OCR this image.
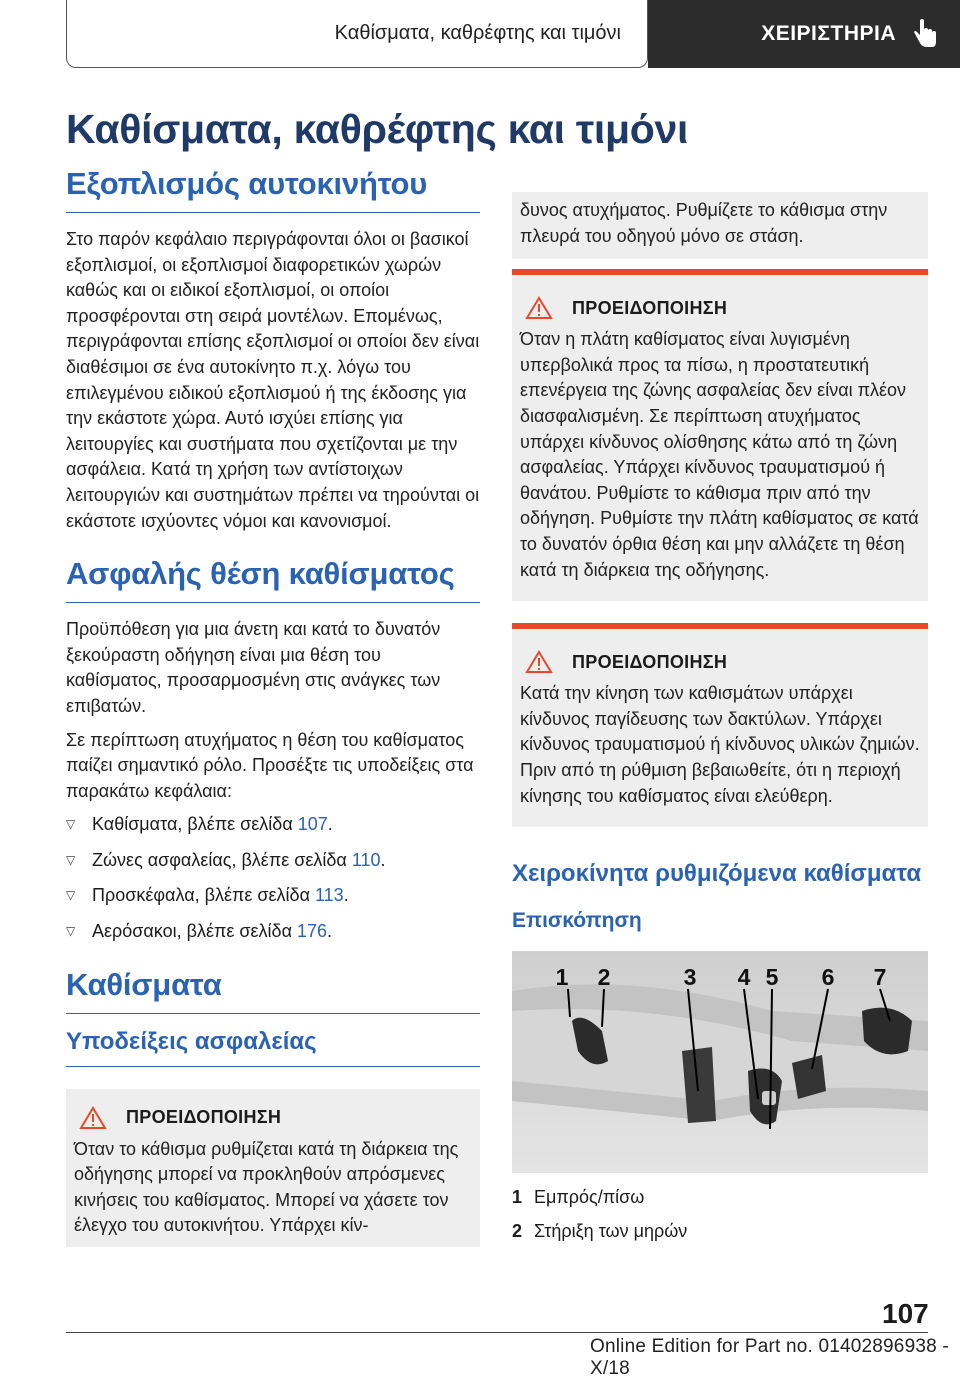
Καθίσματα, καθρέφτης και τιμόνι	ΧΕΙΡΙΣΤΗΡΙΑ
Καθίσματα, καθρέφτης και τιμόνι
Εξοπλισμός αυτοκινήτου

Στο παρόν κεφάλαιο περιγράφονται όλοι οι βασικοί εξοπλισμοί, οι εξοπλισμοί διαφορετικών χωρών καθώς και οι ειδικοί εξοπλισμοί, οι οποίοι προσφέρονται στη σειρά μοντέλων. Επομένως, περιγράφονται επίσης εξοπλισμοί οι οποίοι δεν είναι διαθέσιμοι σε ένα αυτοκίνητο π.χ. λόγω του επιλεγμένου ειδικού εξοπλισμού ή της έκδοσης για την εκάστοτε χώρα. Αυτό ισχύει επίσης για λειτουργίες και συστήματα που σχετίζονται με την ασφάλεια. Κατά τη χρήση των αντίστοιχων λειτουργιών και συστημάτων πρέπει να τηρούνται οι εκάστοτε ισχύοντες νόμοι και κανονισμοί.

Ασφαλής θέση καθίσματος

Προϋπόθεση για μια άνετη και κατά το δυνατόν ξεκούραστη οδήγηση είναι μια θέση του καθίσματος, προσαρμοσμένη στις ανάγκες των επιβατών.

Σε περίπτωση ατυχήματος η θέση του καθίσματος παίζει σημαντικό ρόλο. Προσέξτε τις υποδείξεις στα παρακάτω κεφάλαια:

▽ Καθίσματα, βλέπε σελίδα 107 .
▽ Ζώνες ασφαλείας, βλέπε σελίδα 110 .
▽ Προσκέφαλα, βλέπε σελίδα 113 .
▽ Αερόσακοι, βλέπε σελίδα 176 .
Καθίσματα
Υποδείξεις ασφαλείας
ΠΡΟΕΙΔΟΠΟΙΗΣΗ

Όταν το κάθισμα ρυθμίζεται κατά τη διάρκεια της οδήγησης μπορεί να προκληθούν απρόσμενες κινήσεις του καθίσματος. Μπορεί να χάσετε τον έλεγχο του αυτοκινήτου. Υπάρχει κίν-

δυνος ατυχήματος. Ρυθμίζετε το κάθισμα στην πλευρά του οδηγού μόνο σε στάση.

ΠΡΟΕΙΔΟΠΟΙΗΣΗ

Όταν η πλάτη καθίσματος είναι λυγισμένη υπερβολικά προς τα πίσω, η προστατευτική επενέργεια της ζώνης ασφαλείας δεν είναι πλέον διασφαλισμένη. Σε περίπτωση ατυχήματος υπάρχει κίνδυνος ολίσθησης κάτω από τη ζώνη ασφαλείας. Υπάρχει κίνδυνος τραυματισμού ή θανάτου. Ρυθμίστε το κάθισμα πριν από την οδήγηση. Ρυθμίστε την πλάτη καθίσματος σε κατά το δυνατόν όρθια θέση και μην αλλάζετε τη θέση κατά τη διάρκεια της οδήγησης.

ΠΡΟΕΙΔΟΠΟΙΗΣΗ

Κατά την κίνηση των καθισμάτων υπάρχει κίνδυνος παγίδευσης των δακτύλων. Υπάρχει κίνδυνος τραυματισμού ή κίνδυνος υλικών ζημιών. Πριν από τη ρύθμιση βεβαιωθείτε, ότι η περιοχή κίνησης του καθίσματος είναι ελεύθερη.

Χειροκίνητα ρυθμιζόμενα καθίσματα
Επισκόπηση
1 2	3 4 5 6 7
1 Εμπρός/πίσω
2 Στήριξη των μηρών
107
Online Edition for Part no. 01402896938 - X/18
